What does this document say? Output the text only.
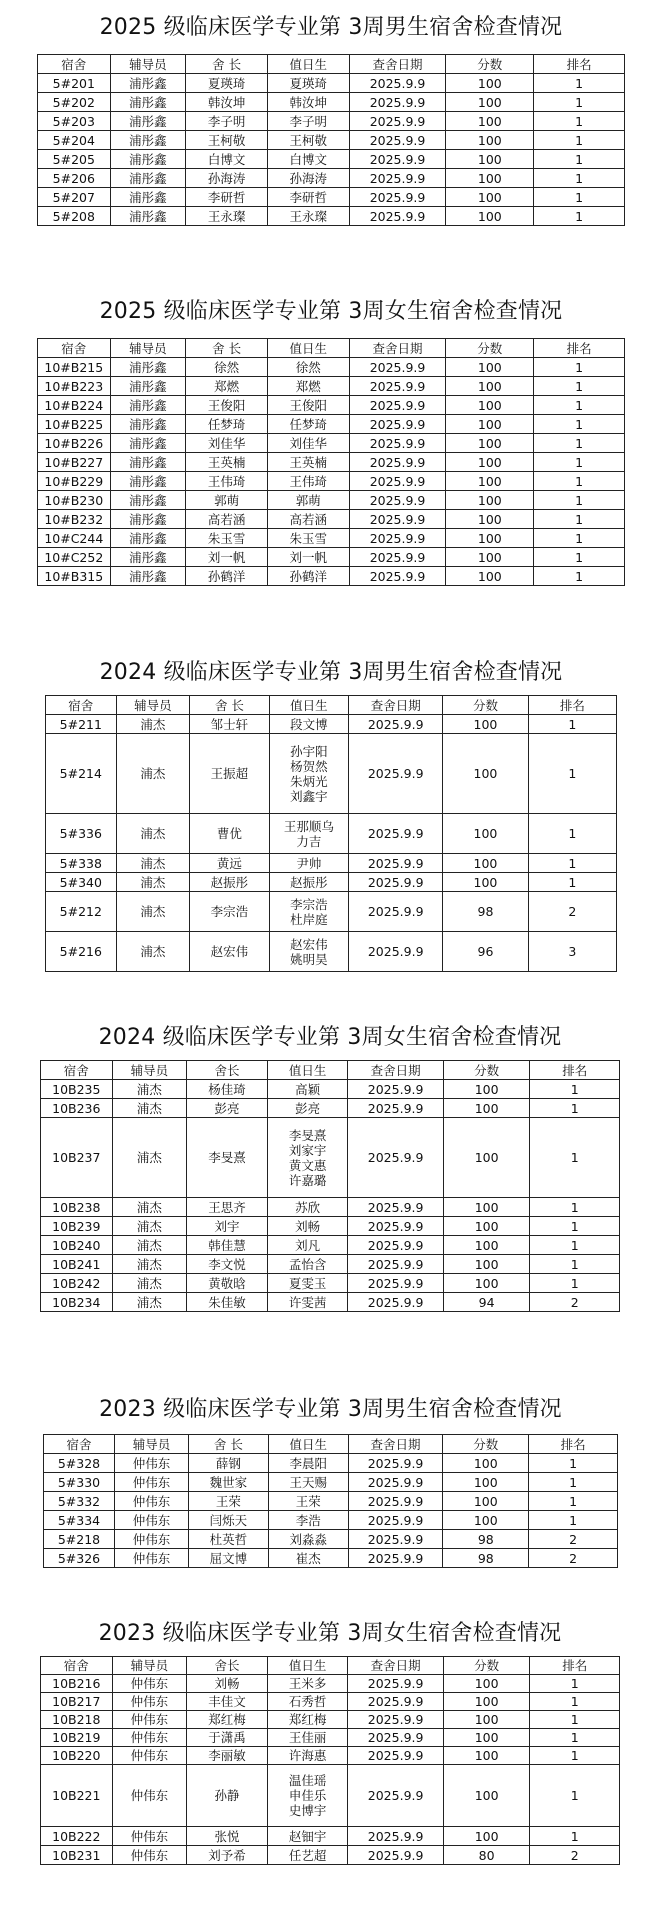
2025 级临床医学专业第 3周男生宿舍检查情况
宿舍	辅导员	舍 长	值日生	查舍日期	分数	排名
5#201	浦彤鑫	夏瑛琦	夏瑛琦	2025.9.9	100	1
5#202	浦彤鑫	韩汝坤	韩汝坤	2025.9.9	100	1
5#203	浦彤鑫	李子明	李子明	2025.9.9	100	1
5#204	浦彤鑫	王柯敬	王柯敬	2025.9.9	100	1
5#205	浦彤鑫	白博文	白博文	2025.9.9	100	1
5#206	浦彤鑫	孙海涛	孙海涛	2025.9.9	100	1
5#207	浦彤鑫	李研哲	李研哲	2025.9.9	100	1
5#208	浦彤鑫	王永璨	王永璨	2025.9.9	100	1
2025 级临床医学专业第 3周女生宿舍检查情况
宿舍	辅导员	舍 长	值日生	查舍日期	分数	排名
10#B215	浦彤鑫	徐然	徐然	2025.9.9	100	1
10#B223	浦彤鑫	郑燃	郑燃	2025.9.9	100	1
10#B224	浦彤鑫	王俊阳	王俊阳	2025.9.9	100	1
10#B225	浦彤鑫	任梦琦	任梦琦	2025.9.9	100	1
10#B226	浦彤鑫	刘佳华	刘佳华	2025.9.9	100	1
10#B227	浦彤鑫	王英楠	王英楠	2025.9.9	100	1
10#B229	浦彤鑫	王伟琦	王伟琦	2025.9.9	100	1
10#B230	浦彤鑫	郭萌	郭萌	2025.9.9	100	1
10#B232	浦彤鑫	高若涵	高若涵	2025.9.9	100	1
10#C244	浦彤鑫	朱玉雪	朱玉雪	2025.9.9	100	1
10#C252	浦彤鑫	刘一帆	刘一帆	2025.9.9	100	1
10#B315	浦彤鑫	孙鹤洋	孙鹤洋	2025.9.9	100	1
2024 级临床医学专业第 3周男生宿舍检查情况
宿舍	辅导员	舍 长	值日生	查舍日期	分数	排名
5#211	浦杰	邹士轩	段文博	2025.9.9	100	1
5#214	浦杰	王振超	孙宇阳
杨贺然
朱炳光
刘鑫宇	2025.9.9	100	1
5#336	浦杰	曹优	王那顺乌
力吉	2025.9.9	100	1
5#338	浦杰	黄远	尹帅	2025.9.9	100	1
5#340	浦杰	赵振彤	赵振彤	2025.9.9	100	1
5#212	浦杰	李宗浩	李宗浩
杜岸庭	2025.9.9	98	2
5#216	浦杰	赵宏伟	赵宏伟
姚明昊	2025.9.9	96	3
2024 级临床医学专业第 3周女生宿舍检查情况
宿舍	辅导员	舍长	值日生	查舍日期	分数	排名
10B235	浦杰	杨佳琦	高颖	2025.9.9	100	1
10B236	浦杰	彭亮	彭亮	2025.9.9	100	1
10B237	浦杰	李旻熹	李旻熹
刘家宇
黄文惠
许嘉璐	2025.9.9	100	1
10B238	浦杰	王思齐	苏欣	2025.9.9	100	1
10B239	浦杰	刘宇	刘畅	2025.9.9	100	1
10B240	浦杰	韩佳慧	刘凡	2025.9.9	100	1
10B241	浦杰	李文悦	孟怡含	2025.9.9	100	1
10B242	浦杰	黄敬晗	夏雯玉	2025.9.9	100	1
10B234	浦杰	朱佳敏	许雯茜	2025.9.9	94	2
2023 级临床医学专业第 3周男生宿舍检查情况
宿舍	辅导员	舍 长	值日生	查舍日期	分数	排名
5#328	仲伟东	薛钢	李晨阳	2025.9.9	100	1
5#330	仲伟东	魏世家	王天赐	2025.9.9	100	1
5#332	仲伟东	王荣	王荣	2025.9.9	100	1
5#334	仲伟东	闫烁天	李浩	2025.9.9	100	1
5#218	仲伟东	杜英哲	刘淼淼	2025.9.9	98	2
5#326	仲伟东	屈文博	崔杰	2025.9.9	98	2
2023 级临床医学专业第 3周女生宿舍检查情况
宿舍	辅导员	舍长	值日生	查舍日期	分数	排名
10B216	仲伟东	刘畅	王米多	2025.9.9	100	1
10B217	仲伟东	丰佳文	石秀哲	2025.9.9	100	1
10B218	仲伟东	郑红梅	郑红梅	2025.9.9	100	1
10B219	仲伟东	于潇禹	王佳丽	2025.9.9	100	1
10B220	仲伟东	李丽敏	许海惠	2025.9.9	100	1
10B221	仲伟东	孙静	温佳瑶
申佳乐
史博宇	2025.9.9	100	1
10B222	仲伟东	张悦	赵钿宇	2025.9.9	100	1
10B231	仲伟东	刘予希	任艺超	2025.9.9	80	2
